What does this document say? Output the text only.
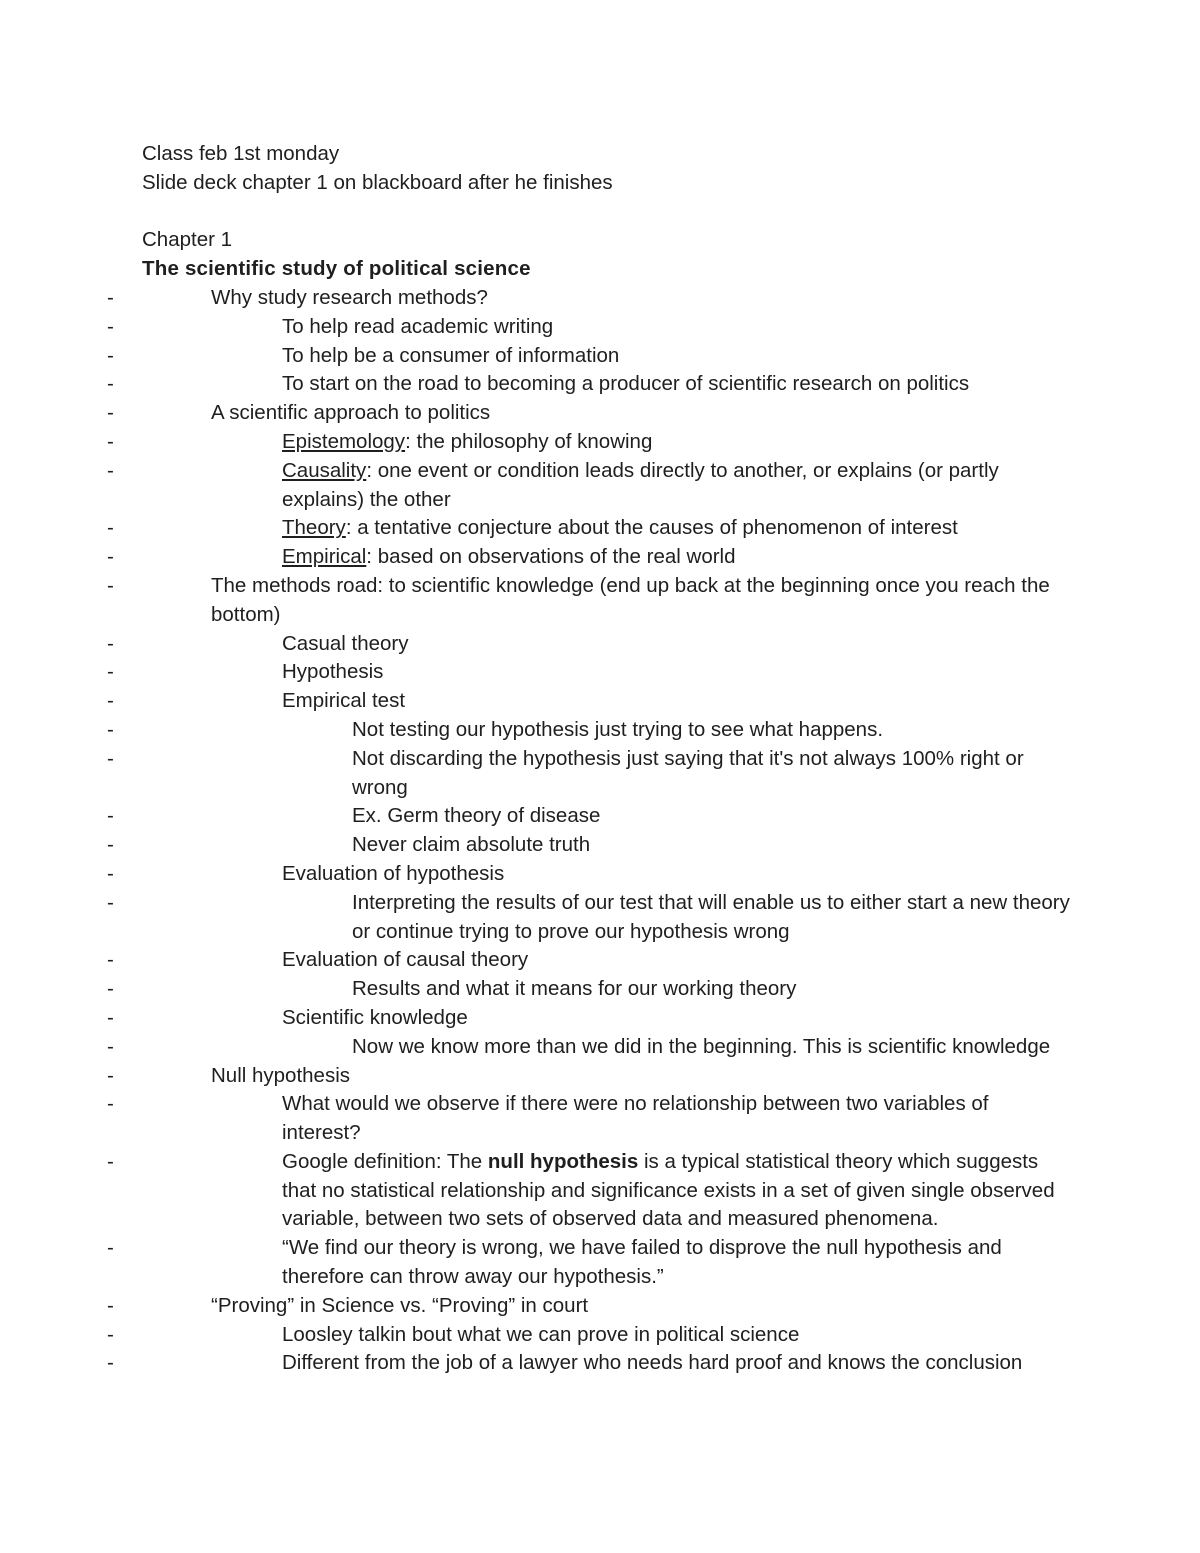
Class feb 1st monday

Slide deck chapter 1 on blackboard after he finishes

Chapter 1

The scientific study of political science

- Why study research methods?
- To help read academic writing
- To help be a consumer of information
- To start on the road to becoming a producer of scientific research on politics
- A scientific approach to politics
- Epistemology: the philosophy of knowing
- Causality: one event or condition leads directly to another, or explains (or partly explains) the other
- Theory: a tentative conjecture about the causes of phenomenon of interest
- Empirical: based on observations of the real world
- The methods road: to scientific knowledge (end up back at the beginning once you reach the bottom)
- Casual theory
- Hypothesis
- Empirical test
- Not testing our hypothesis just trying to see what happens.
- Not discarding the hypothesis just saying that it's not always 100% right or wrong
- Ex. Germ theory of disease
- Never claim absolute truth
- Evaluation of hypothesis
- Interpreting the results of our test that will enable us to either start a new theory or continue trying to prove our hypothesis wrong
- Evaluation of causal theory
- Results and what it means for our working theory
- Scientific knowledge
- Now we know more than we did in the beginning. This is scientific knowledge
- Null hypothesis
- What would we observe if there were no relationship between two variables of interest?
- Google definition: The null hypothesis is a typical statistical theory which suggests that no statistical relationship and significance exists in a set of given single observed variable, between two sets of observed data and measured phenomena.
- “We find our theory is wrong, we have failed to disprove the null hypothesis and therefore can throw away our hypothesis.”
- “Proving” in Science vs. “Proving” in court
- Loosley talkin bout what we can prove in political science
- Different from the job of a lawyer who needs hard proof and knows the conclusion
